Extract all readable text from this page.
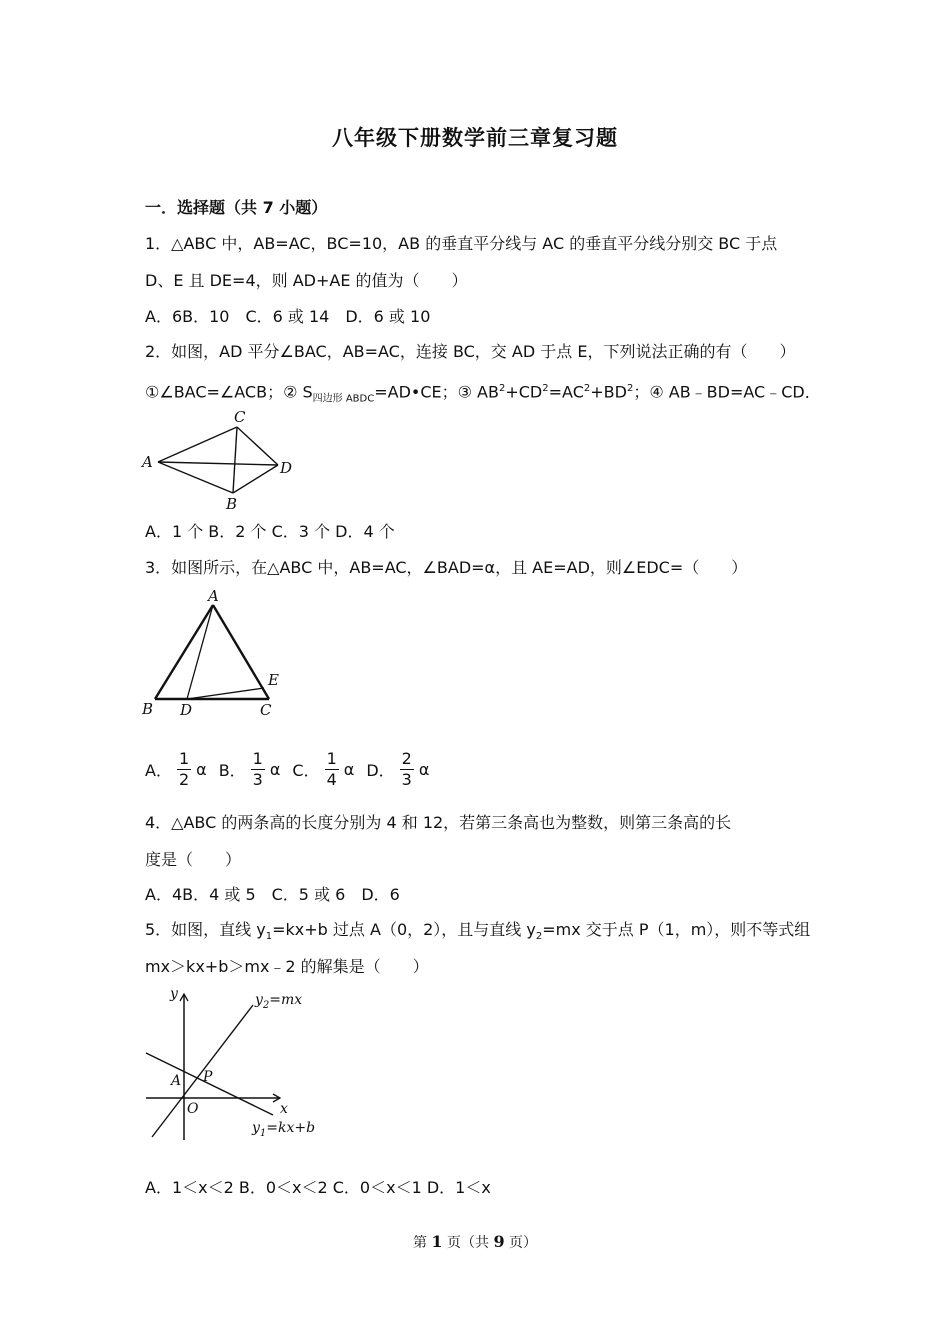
八年级下册数学前三章复习题
一．选择题（共 7 小题）
1．△ABC 中，AB=AC，BC=10，AB 的垂直平分线与 AC 的垂直平分线分别交 BC 于点
D、E 且 DE=4，则 AD+AE 的值为（　　）
A．6B．10　C．6 或 14　D．6 或 10
2．如图，AD 平分∠BAC，AB=AC，连接 BC，交 AD 于点 E，下列说法正确的有（　　）
①∠BAC=∠ACB；② $S_{四边形 ABDC}=AD•CE$；③ $AB^2+CD^2=AC^2+BD^2$；④ AB﹣BD=AC﹣CD．
A
C
D
B
A．1 个 B．2 个 C．3 个 D．4 个
3．如图所示，在△ABC 中，AB=AC，∠BAD=α，且 AE=AD，则∠EDC=（　　）
A
B D	C
E
A． $\frac{1}{2}$ α B． $\frac{1}{3}$ α C． $\frac{1}{4}$ α D． $\frac{2}{3}$ α
4．△ABC 的两条高的长度分别为 4 和 12，若第三条高也为整数，则第三条高的长
度是（　　）
A．4B．4 或 5　C．5 或 6　D．6
5．如图，直线 $y_1=kx+b$ 过点 A（0，2），且与直线 $y_2=mx$ 交于点 P（1，m），则不等式组
mx＞kx+b＞mx﹣2 的解集是（　　）
y
x
O
A P
$y_2=mx$
$y_1=kx+b$
A．1＜x＜2 B．0＜x＜2 C．0＜x＜1 D．1＜x
第 1 页（共 9 页）
